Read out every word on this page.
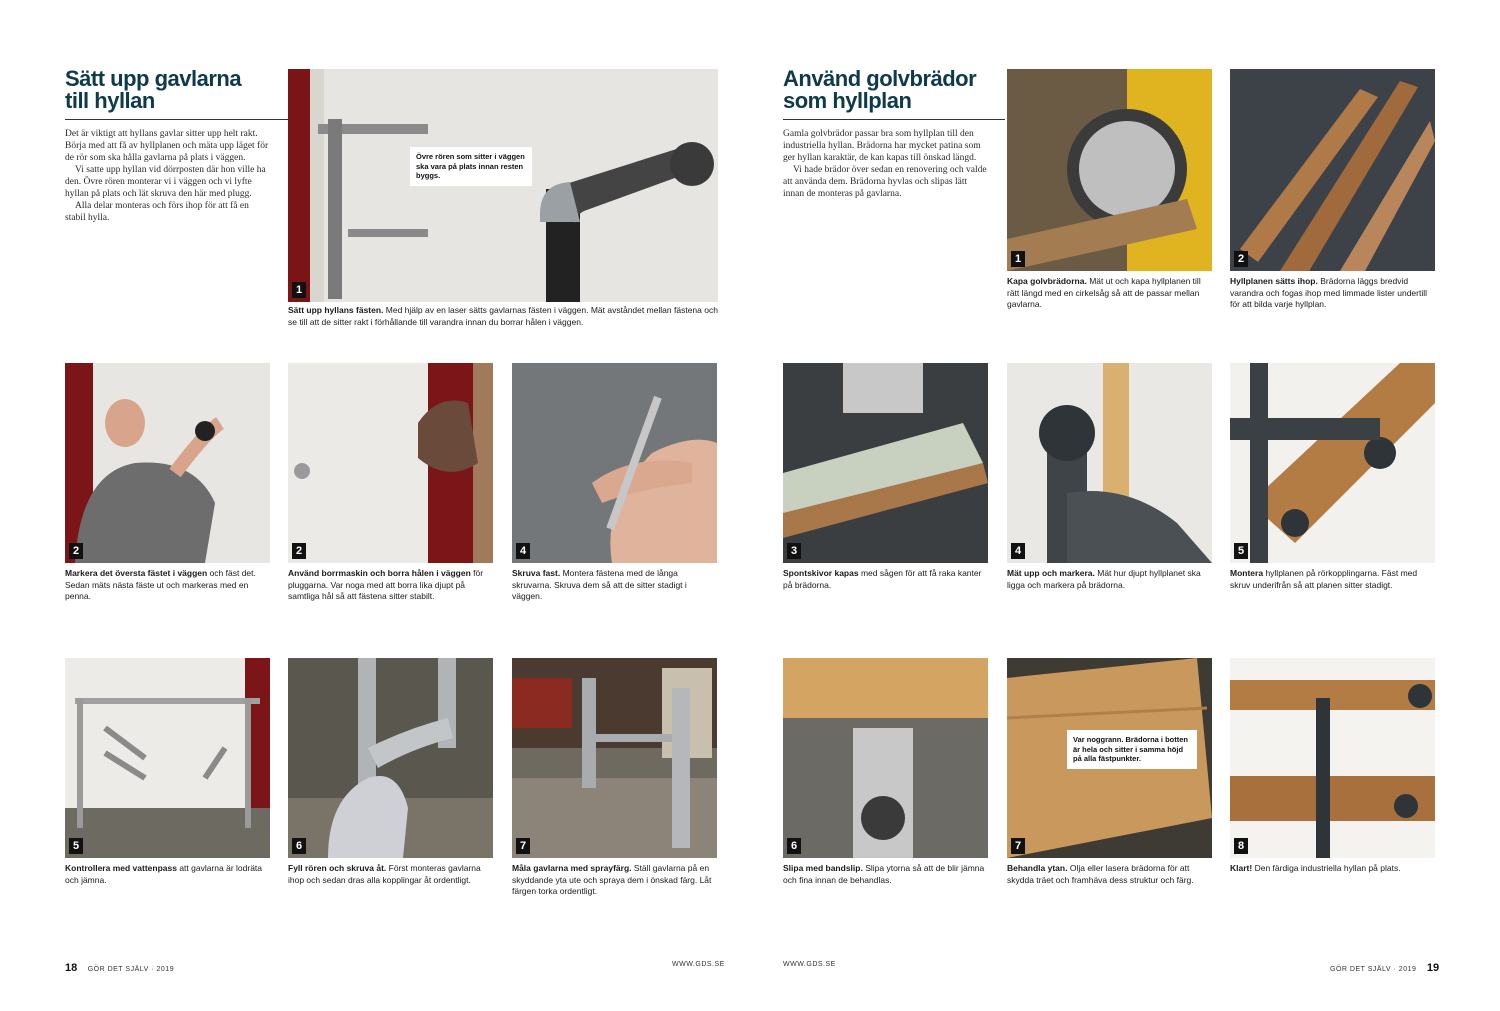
Sätt upp gavlarna
till hyllan

Det är viktigt att hyllans gavlar sitter upp helt rakt. Börja med att få av hyllplanen och mäta upp läget för de rör som ska hålla gavlarna på plats i väggen.

Vi satte upp hyllan vid dörrposten där hon ville ha den. Övre rören monterar vi i väggen och vi lyfte hyllan på plats och lät skruva den här med plugg.

Alla delar monteras och förs ihop för att få en stabil hylla.

Övre rören som sitter i väggen ska vara på plats innan resten byggs.
1

Sätt upp hyllans fästen. Med hjälp av en laser sätts gavlarnas fästen i väggen. Mät avståndet mellan fästena och se till att de sitter rakt i förhållande till varandra innan du borrar hålen i väggen.

2

Markera det översta fästet i väggen och fäst det. Sedan mäts nästa fäste ut och markeras med en penna.

2

Använd borrmaskin och borra hålen i väggen för pluggarna. Var noga med att borra lika djupt på samtliga hål så att fästena sitter stabilt.

4

Skruva fast. Montera fästena med de långa skruvarna. Skruva dem så att de sitter stadigt i väggen.

5

Kontrollera med vattenpass att gavlarna är lodräta och jämna.

6

Fyll rören och skruva åt. Först monteras gavlarna ihop och sedan dras alla kopplingar åt ordentligt.

7

Måla gavlarna med sprayfärg. Ställ gavlarna på en skyddande yta ute och spraya dem i önskad färg. Låt färgen torka ordentligt.

18 GÖR DET SJÄLV · 2019
WWW.GDS.SE
Använd golvbrädor
som hyllplan

Gamla golvbrädor passar bra som hyllplan till den industriella hyllan. Brädorna har mycket patina som ger hyllan karaktär, de kan kapas till önskad längd.

Vi hade brädor över sedan en renovering och valde att använda dem. Brädorna hyvlas och slipas lätt innan de monteras på gavlarna.

1

Kapa golvbrädorna. Mät ut och kapa hyllplanen till rätt längd med en cirkelsåg så att de passar mellan gavlarna.

2

Hyllplanen sätts ihop. Brädorna läggs bredvid varandra och fogas ihop med limmade lister undertill för att bilda varje hyllplan.

3

Spontskivor kapas med sågen för att få raka kanter på brädorna.

4

Mät upp och markera. Mät hur djupt hyllplanet ska ligga och markera på brädorna.

5

Montera hyllplanen på rörkopplingarna. Fäst med skruv underifrån så att planen sitter stadigt.

6

Slipa med bandslip. Slipa ytorna så att de blir jämna och fina innan de behandlas.

Var noggrann. Brädorna i botten är hela och sitter i samma höjd på alla fästpunkter.
7

Behandla ytan. Olja eller lasera brädorna för att skydda träet och framhäva dess struktur och färg.

8

Klart! Den färdiga industriella hyllan på plats.

WWW.GDS.SE
GÖR DET SJÄLV · 2019 19
